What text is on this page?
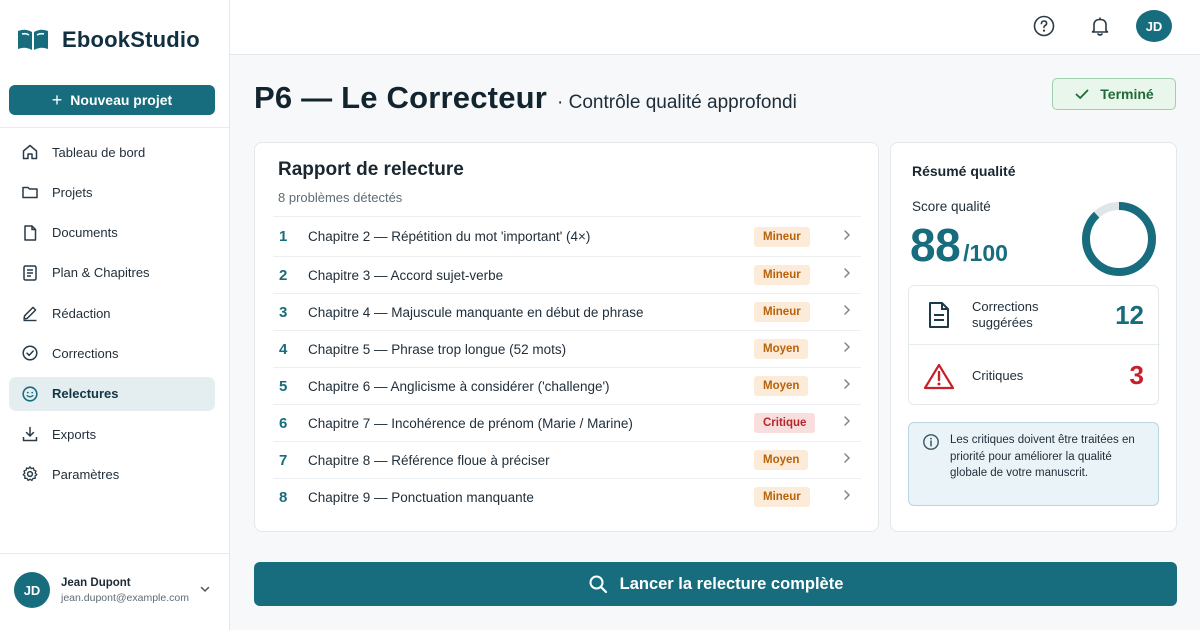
EbookStudio
+ Nouveau projet
Tableau de bord
Projets
Documents
Plan & Chapitres
Rédaction
Corrections
Relectures
Exports
Paramètres
JD	Jean Dupont
jean.dupont@example.com
JD
P6 — Le Correcteur · Contrôle qualité approfondi	Terminé
Rapport de relecture
8 problèmes détectés
1	Chapitre 2 — Répétition du mot 'important' (4×)	Mineur
2	Chapitre 3 — Accord sujet-verbe	Mineur
3	Chapitre 4 — Majuscule manquante en début de phrase	Mineur
4	Chapitre 5 — Phrase trop longue (52 mots)	Moyen
5	Chapitre 6 — Anglicisme à considérer ('challenge')	Moyen
6	Chapitre 7 — Incohérence de prénom (Marie / Marine)	Critique
7	Chapitre 8 — Référence floue à préciser	Moyen
8	Chapitre 9 — Ponctuation manquante	Mineur
Résumé qualité
Score qualité
88 /100
Corrections suggérées	12
Critiques	3

Les critiques doivent être traitées en priorité pour améliorer la qualité globale de votre manuscrit.

Lancer la relecture complète
